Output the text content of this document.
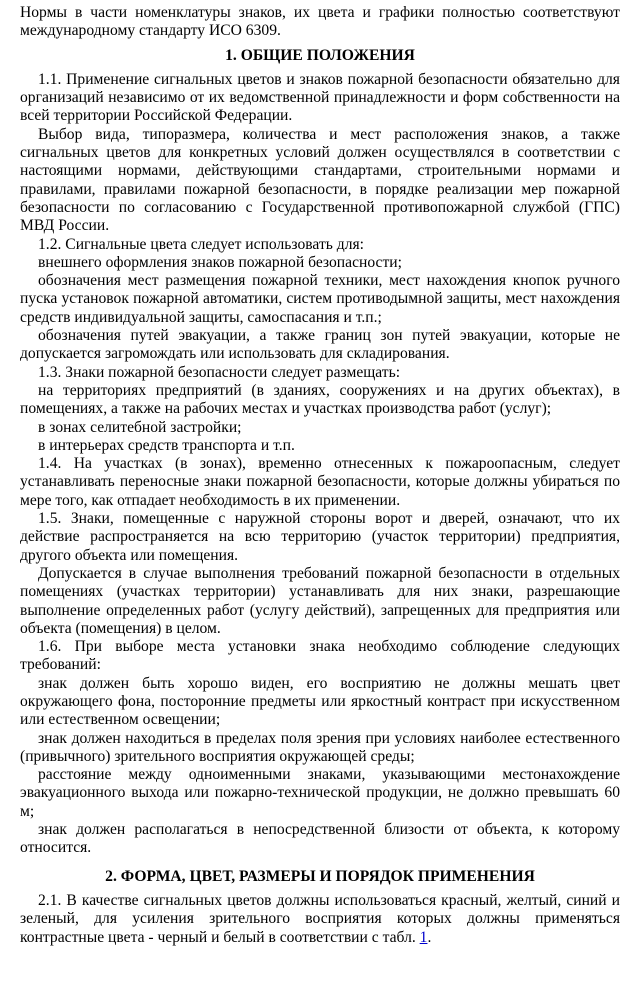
Нормы в части номенклатуры знаков, их цвета и графики полностью соответствуют международному стандарту ИСО 6309.

1. ОБЩИЕ ПОЛОЖЕНИЯ

1.1. Применение сигнальных цветов и знаков пожарной безопасности обязательно для организаций независимо от их ведомственной принадлежности и форм собственности на всей территории Российской Федерации.

Выбор вида, типоразмера, количества и мест расположения знаков, а также сигнальных цветов для конкретных условий должен осуществлялся в соответствии с настоящими нормами, действующими стандартами, строительными нормами и правилами, правилами пожарной безопасности, в порядке реализации мер пожарной безопасности по согласованию с Государственной противопожарной службой (ГПС) МВД России.

1.2. Сигнальные цвета следует использовать для:

внешнего оформления знаков пожарной безопасности;

обозначения мест размещения пожарной техники, мест нахождения кнопок ручного пуска установок пожарной автоматики, систем противодымной защиты, мест нахождения средств индивидуальной защиты, самоспасания и т.п.;

обозначения путей эвакуации, а также границ зон путей эвакуации, которые не допускается загромождать или использовать для складирования.

1.3. Знаки пожарной безопасности следует размещать:

на территориях предприятий (в зданиях, сооружениях и на других объектах), в помещениях, а также на рабочих местах и участках производства работ (услуг);

в зонах селитебной застройки;

в интерьерах средств транспорта и т.п.

1.4. На участках (в зонах), временно отнесенных к пожароопасным, следует устанавливать переносные знаки пожарной безопасности, которые должны убираться по мере того, как отпадает необходимость в их применении.

1.5. Знаки, помещенные с наружной стороны ворот и дверей, означают, что их действие распространяется на всю территорию (участок территории) предприятия, другого объекта или помещения.

Допускается в случае выполнения требований пожарной безопасности в отдельных помещениях (участках территории) устанавливать для них знаки, разрешающие выполнение определенных работ (услугу действий), запрещенных для предприятия или объекта (помещения) в целом.

1.6. При выборе места установки знака необходимо соблюдение следующих требований:

знак должен быть хорошо виден, его восприятию не должны мешать цвет окружающего фона, посторонние предметы или яркостный контраст при искусственном или естественном освещении;

знак должен находиться в пределах поля зрения при условиях наиболее естественного (привычного) зрительного восприятия окружающей среды;

расстояние между одноименными знаками, указывающими местонахождение эвакуационного выхода или пожарно-технической продукции, не должно превышать 60 м;

знак должен располагаться в непосредственной близости от объекта, к которому относится.

2. ФОРМА, ЦВЕТ, РАЗМЕРЫ И ПОРЯДОК ПРИМЕНЕНИЯ

2.1. В качестве сигнальных цветов должны использоваться красный, желтый, синий и зеленый, для усиления зрительного восприятия которых должны применяться контрастные цвета - черный и белый в соответствии с табл. 1.
